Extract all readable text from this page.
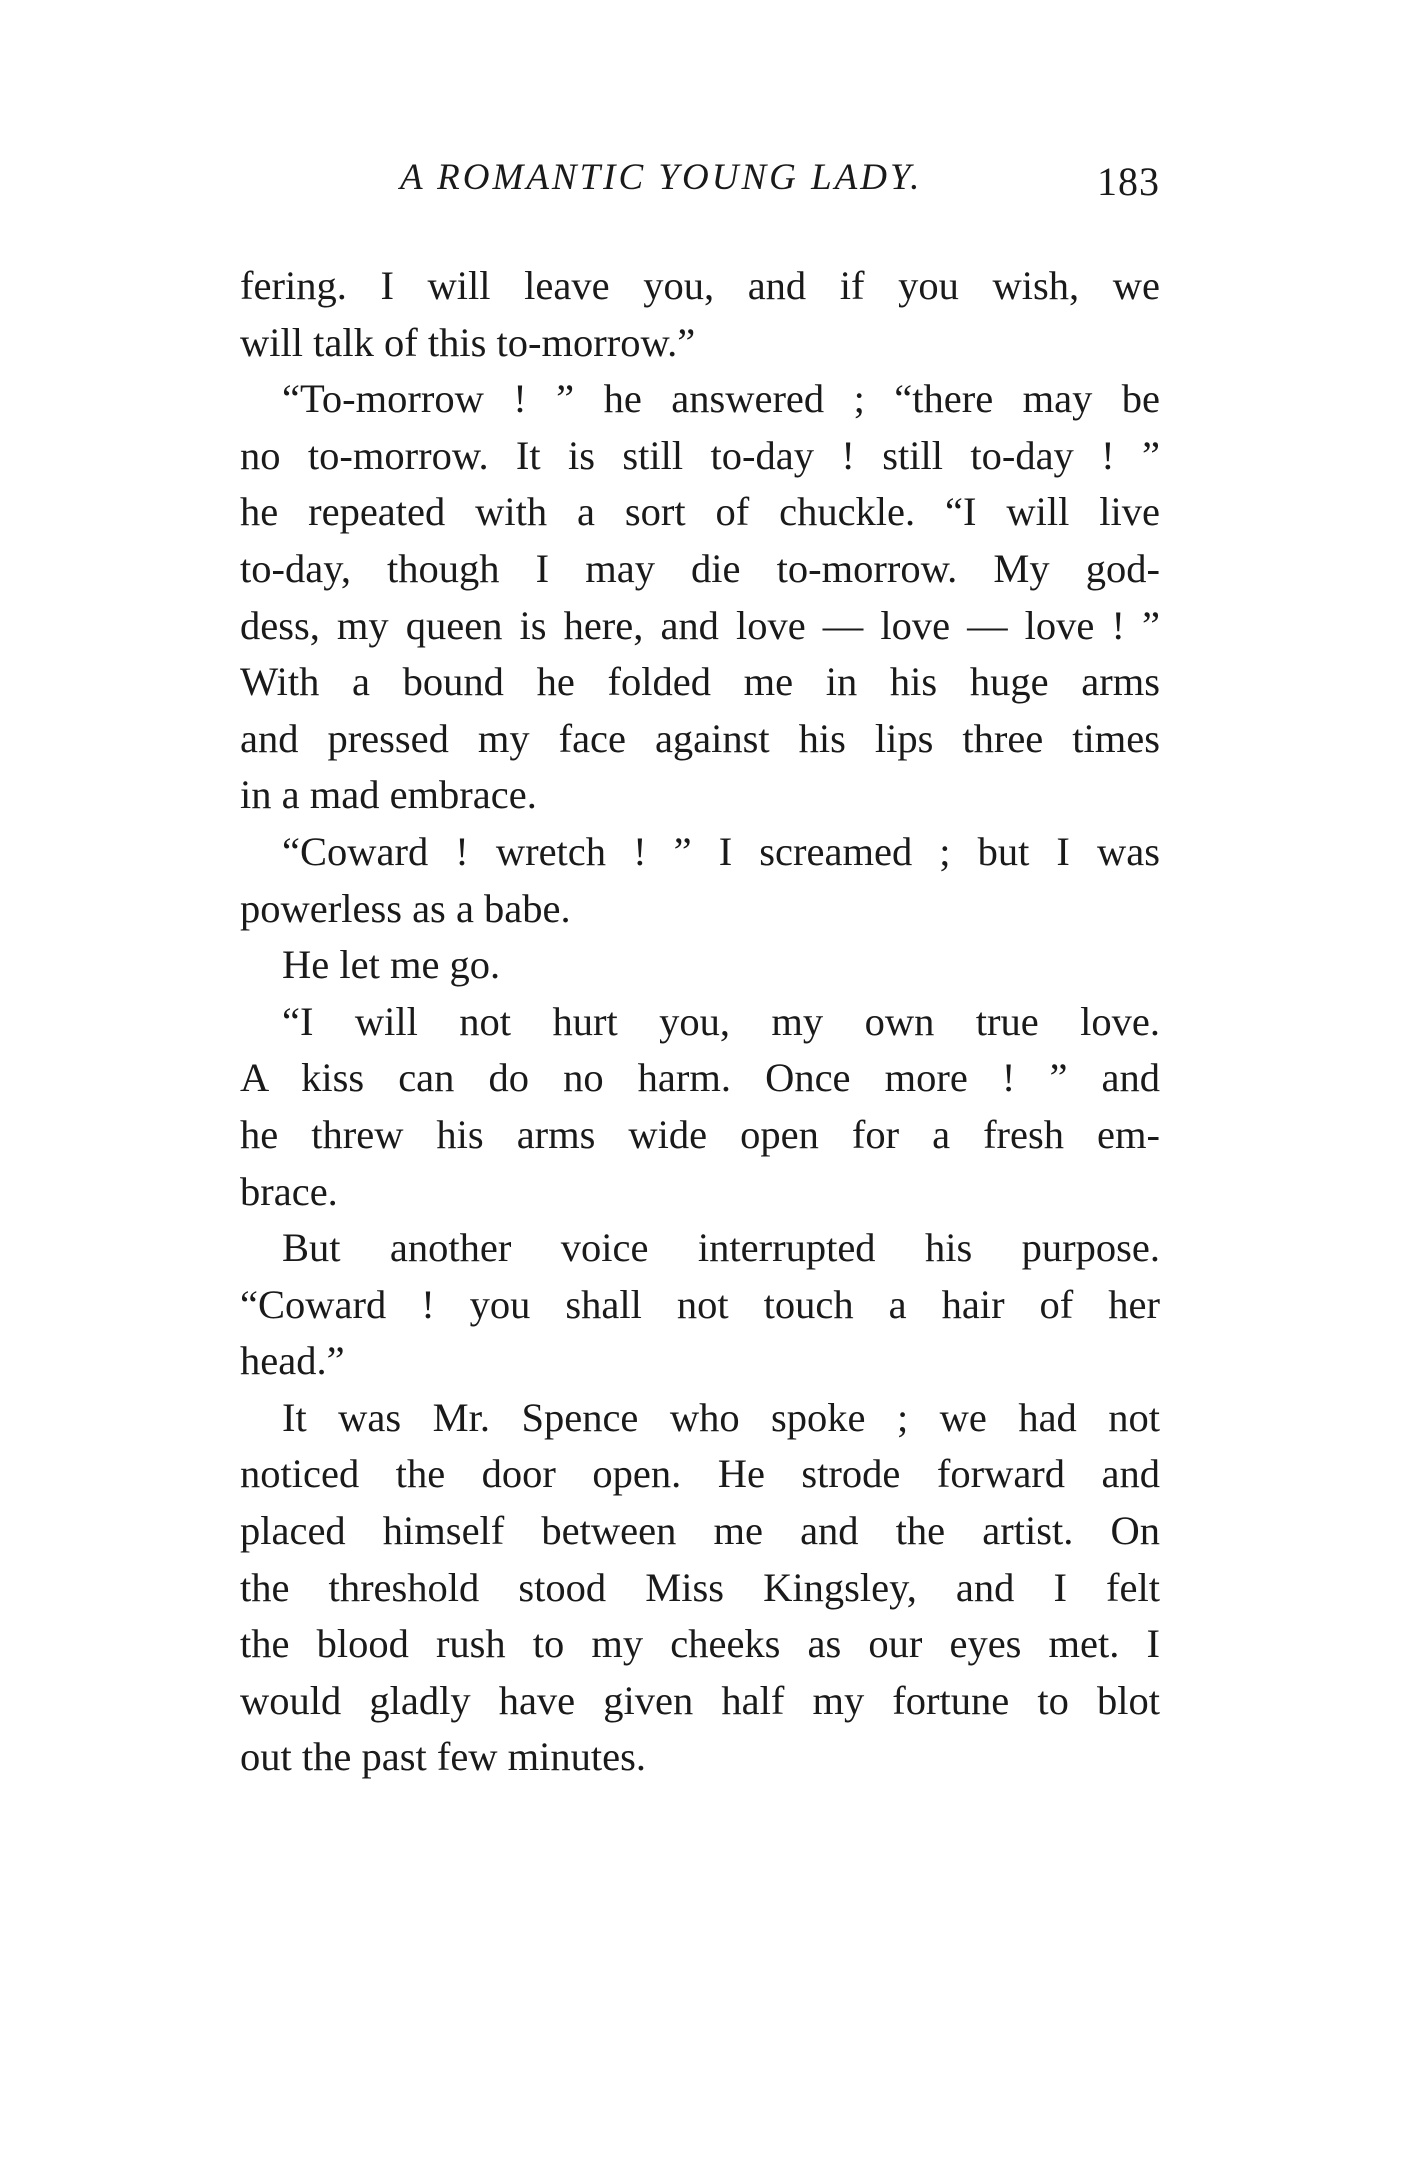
A ROMANTIC YOUNG LADY.	183
fering. I will leave you, and if you wish, we
will talk of this to-morrow.”
“To-morrow ! ” he answered ; “there may be
no to-morrow. It is still to-day ! still to-day ! ”
he repeated with a sort of chuckle. “I will live
to-day, though I may die to-morrow. My god-
dess, my queen is here, and love — love — love ! ”
With a bound he folded me in his huge arms
and pressed my face against his lips three times
in a mad embrace.
“Coward ! wretch ! ” I screamed ; but I was
powerless as a babe.
He let me go.
“I will not hurt you, my own true love.
A kiss can do no harm. Once more ! ” and
he threw his arms wide open for a fresh em-
brace.
But another voice interrupted his purpose.
“Coward ! you shall not touch a hair of her
head.”
It was Mr. Spence who spoke ; we had not
noticed the door open. He strode forward and
placed himself between me and the artist. On
the threshold stood Miss Kingsley, and I felt
the blood rush to my cheeks as our eyes met. I
would gladly have given half my fortune to blot
out the past few minutes.
